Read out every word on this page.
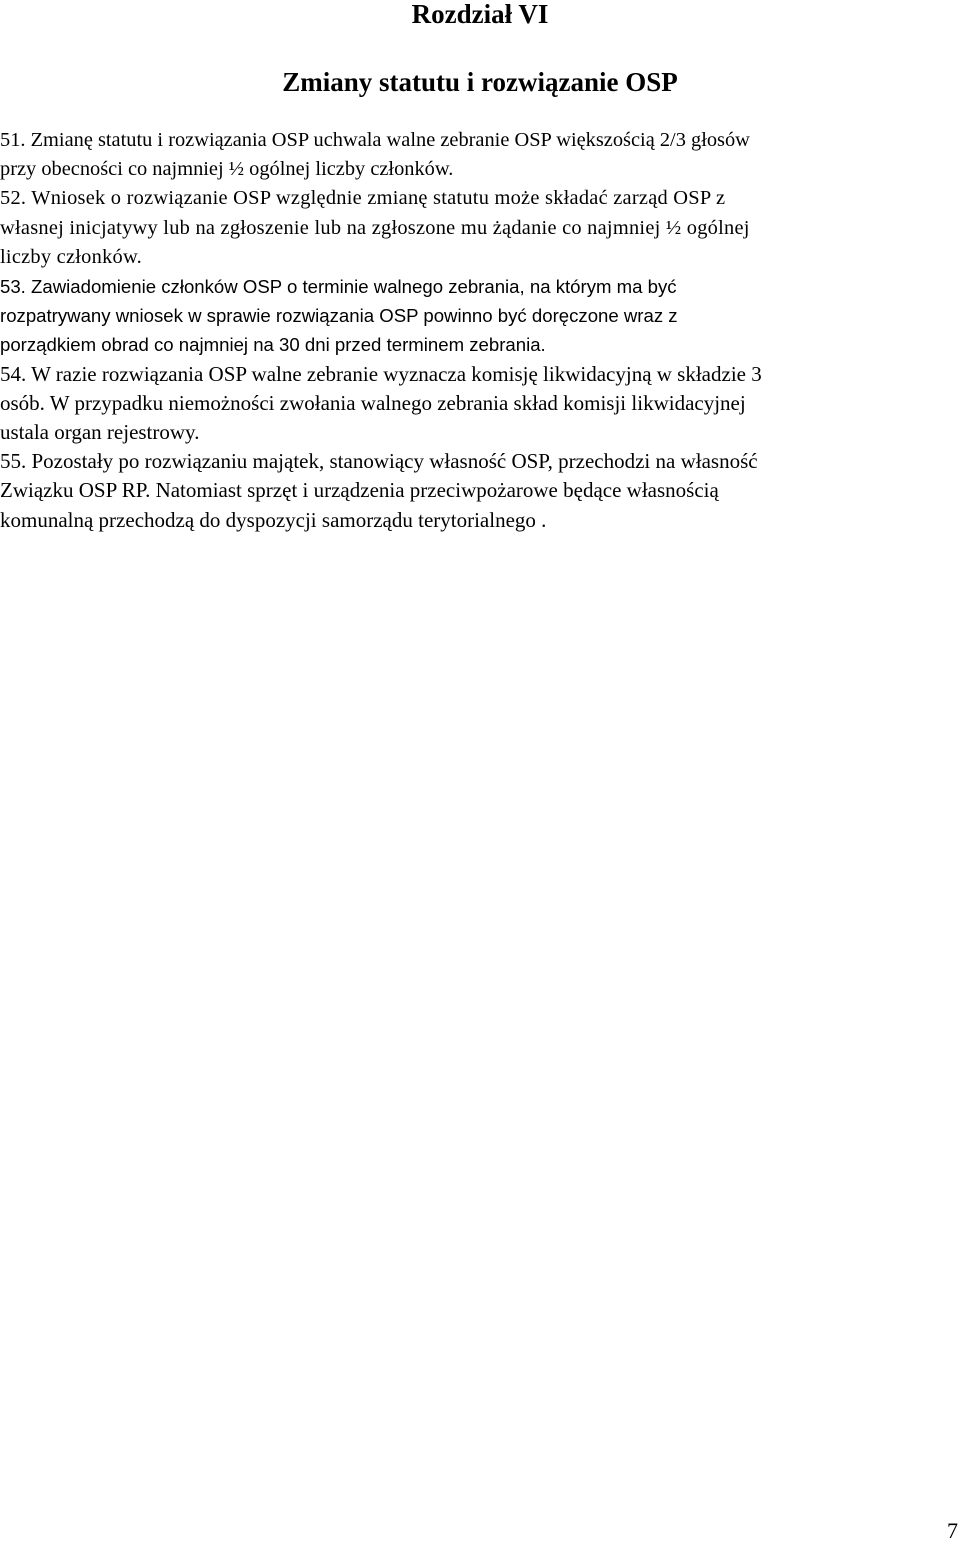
Rozdział VI
Zmiany statutu i rozwiązanie OSP
51. Zmianę statutu i rozwiązania OSP uchwala walne zebranie OSP większością 2/3 głosów
przy obecności co najmniej ½ ogólnej liczby członków.
52. Wniosek o rozwiązanie OSP względnie zmianę statutu może składać zarząd OSP z
własnej inicjatywy lub na zgłoszenie lub na zgłoszone mu żądanie co najmniej ½ ogólnej
liczby członków.
53. Zawiadomienie członków OSP o terminie walnego zebrania, na którym ma być
rozpatrywany wniosek w sprawie rozwiązania OSP powinno być doręczone wraz z
porządkiem obrad co najmniej na 30 dni przed terminem zebrania.
54. W razie rozwiązania OSP walne zebranie wyznacza komisję likwidacyjną w składzie 3
osób. W przypadku niemożności zwołania walnego zebrania skład komisji likwidacyjnej
ustala organ rejestrowy.
55. Pozostały po rozwiązaniu majątek, stanowiący własność OSP, przechodzi na własność
Związku OSP RP. Natomiast sprzęt i urządzenia przeciwpożarowe będące własnością
komunalną przechodzą do dyspozycji samorządu terytorialnego .
7
